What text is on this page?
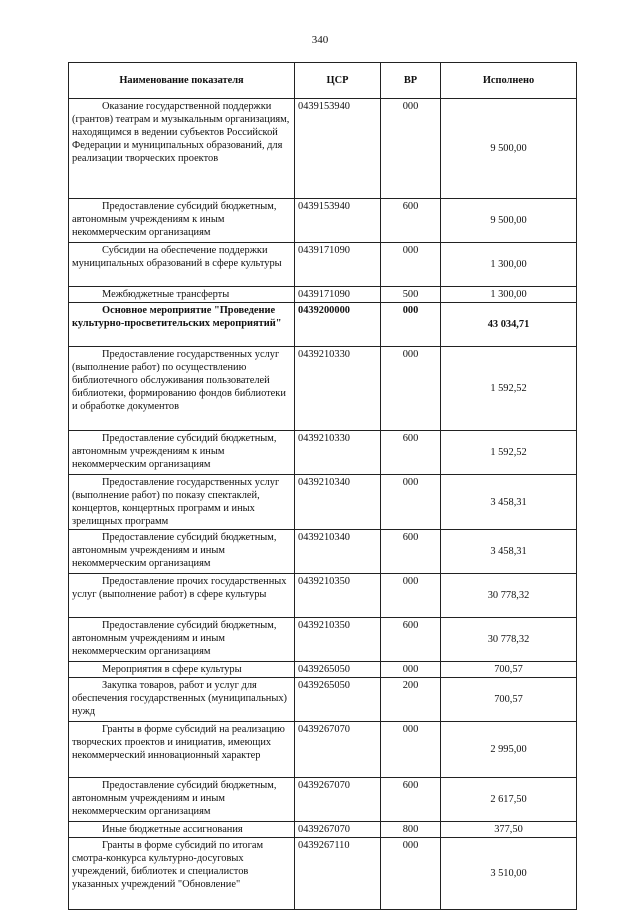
340
Наименование показателя	ЦСР	ВР	Исполнено
Оказание государственной поддержки (грантов) театрам и музыкальным организациям, находящимся в ведении субъектов Российской Федерации и муниципальных образований, для реализации творческих проектов	0439153940	000	9 500,00
Предоставление субсидий бюджетным, автономным учреждениям к иным некоммерческим организациям	0439153940	600	9 500,00
Субсидии на обеспечение поддержки муниципальных образований в сфере культуры	0439171090	000	1 300,00
Межбюджетные трансферты	0439171090	500	1 300,00
Основное мероприятие "Проведение культурно-просветительских мероприятий"	0439200000	000	43 034,71
Предоставление государственных услуг (выполнение работ) по осуществлению библиотечного обслуживания пользователей библиотеки, формированию фондов библиотеки и обработке документов	0439210330	000	1 592,52
Предоставление субсидий бюджетным, автономным учреждениям к иным некоммерческим организациям	0439210330	600	1 592,52
Предоставление государственных услуг (выполнение работ) по показу спектаклей, концертов, концертных программ и иных зрелищных программ	0439210340	000	3 458,31
Предоставление субсидий бюджетным, автономным учреждениям и иным некоммерческим организациям	0439210340	600	3 458,31
Предоставление прочих государственных услуг (выполнение работ) в сфере культуры	0439210350	000	30 778,32
Предоставление субсидий бюджетным, автономным учреждениям и иным некоммерческим организациям	0439210350	600	30 778,32
Мероприятия в сфере культуры	0439265050	000	700,57
Закупка товаров, работ и услуг для обеспечения государственных (муниципальных) нужд	0439265050	200	700,57
Гранты в форме субсидий на реализацию творческих проектов и инициатив, имеющих некоммерческий инновационный характер	0439267070	000	2 995,00
Предоставление субсидий бюджетным, автономным учреждениям и иным некоммерческим организациям	0439267070	600	2 617,50
Иные бюджетные ассигнования	0439267070	800	377,50
Гранты в форме субсидий по итогам смотра-конкурса культурно-досуговых учреждений, библиотек и специалистов указанных учреждений "Обновление"	0439267110	000	3 510,00
